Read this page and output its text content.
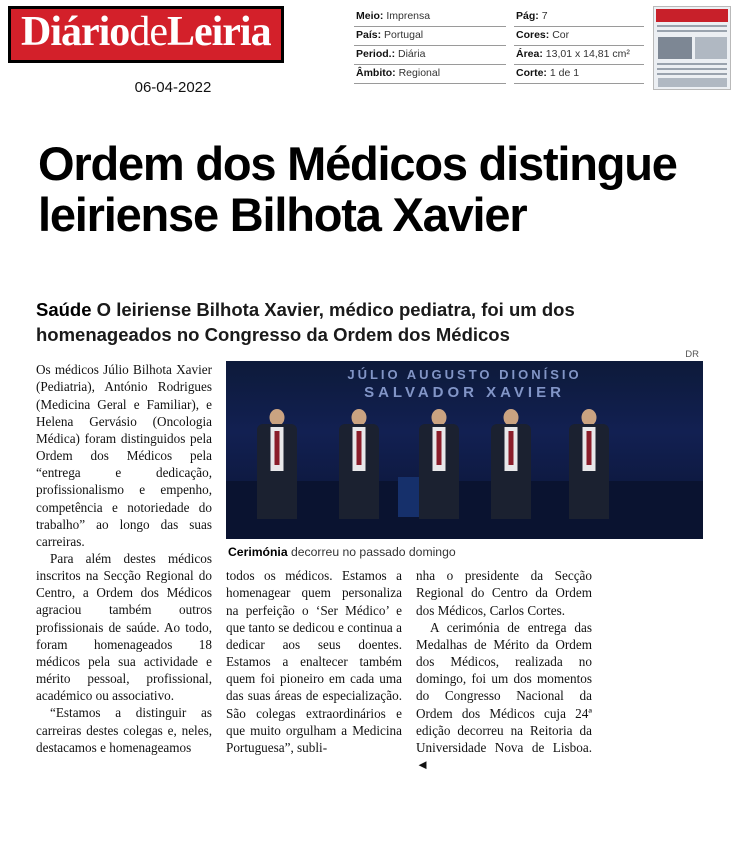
DiáriodeLeiria
06-04-2022
Meio: Imprensa
País: Portugal
Period.: Diária
Âmbito: Regional
Pág: 7
Cores: Cor
Área: 13,01 x 14,81 cm²
Corte: 1 de 1
Ordem dos Médicos distingue leiriense Bilhota Xavier
Saúde O leiriense Bilhota Xavier, médico pediatra, foi um dos homenageados no Congresso da Ordem dos Médicos

Os médicos Júlio Bilhota Xavier (Pediatria), António Rodrigues (Medicina Geral e Familiar), e Helena Gervásio (Oncologia Médica) foram distinguidos pela Ordem dos Médicos pela “entrega e dedicação, profissionalismo e empenho, competência e notoriedade do trabalho” ao longo das suas carreiras.

Para além destes médicos inscritos na Secção Regional do Centro, a Ordem dos Médicos agraciou também outros profissionais de saúde. Ao todo, foram homenageados 18 médicos pela sua actividade e mérito pessoal, profissional, académico ou associativo.

“Estamos a distinguir as carreiras destes colegas e, neles, destacamos e homenageamos

DR
JÚLIO AUGUSTO DIONÍSIO
SALVADOR XAVIER
Cerimónia decorreu no passado domingo

todos os médicos. Estamos a homenagear quem personaliza na perfeição o ‘Ser Médico’ e que tanto se dedicou e continua a dedicar aos seus doentes. Estamos a enaltecer também quem foi pioneiro em cada uma das suas áreas de especialização. São colegas extraordinários e que muito orgulham a Medicina Portuguesa”, subli-

nha o presidente da Secção Regional do Centro da Ordem dos Médicos, Carlos Cortes.

A cerimónia de entrega das Medalhas de Mérito da Ordem dos Médicos, realizada no domingo, foi um dos momentos do Congresso Nacional da Ordem dos Médicos cuja 24ª edição decorreu na Reitoria da Universidade Nova de Lisboa. ◄
